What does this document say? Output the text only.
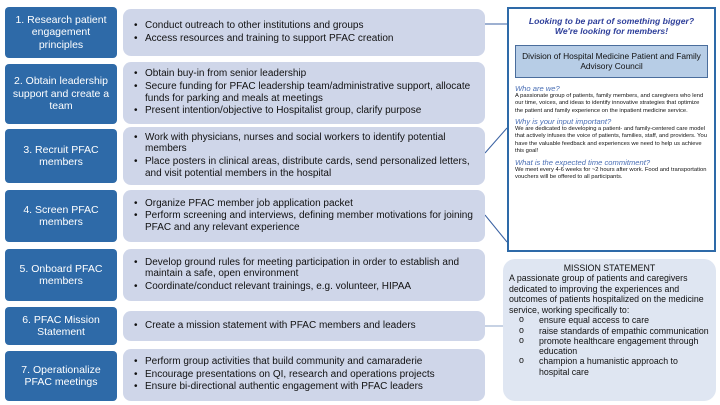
1. Research patient engagement principles
• Conduct outreach to other institutions and groups
• Access resources and training to support PFAC creation
2. Obtain leadership support and create a team
• Obtain buy-in from senior leadership
• Secure funding for PFAC leadership team/administrative support, allocate funds for parking and meals at meetings
• Present intention/objective to Hospitalist group, clarify purpose
3. Recruit PFAC members
• Work with physicians, nurses and social workers to identify potential members
• Place posters in clinical areas, distribute cards, send personalized letters, and visit potential members in the hospital
4. Screen PFAC members
• Organize PFAC member job application packet
• Perform screening and interviews, defining member motivations for joining PFAC and any relevant experience
5. Onboard PFAC members
• Develop ground rules for meeting participation in order to establish and maintain a safe, open environment
• Coordinate/conduct relevant trainings, e.g. volunteer, HIPAA
6. PFAC Mission Statement
• Create a mission statement with PFAC members and leaders
7. Operationalize PFAC meetings
• Perform group activities that build community and camaraderie
• Encourage presentations on QI, research and operations projects
• Ensure bi-directional authentic engagement with PFAC leaders
Looking to be part of something bigger?
We're looking for members!
Division of Hospital Medicine Patient and Family Advisory Council
Who are we?
A passionate group of patients, family members, and caregivers who lend our time, voices, and ideas to identify innovative strategies that optimize the patient and family experience on the inpatient medicine service.
Why is your input important?
We are dedicated to developing a patient- and family-centered care model that actively infuses the voice of patients, families, staff, and providers. You have the valuable feedback and experiences we need to help us achieve this goal!
What is the expected time commitment?
We meet every 4-6 weeks for ~2 hours after work. Food and transportation vouchers will be offered to all participants.
MISSION STATEMENT
A passionate group of patients and caregivers dedicated to improving the experiences and outcomes of patients hospitalized on the medicine service, working specifically to:
o ensure equal access to care
o raise standards of empathic communication
o promote healthcare engagement through education
o champion a humanistic approach to hospital care
